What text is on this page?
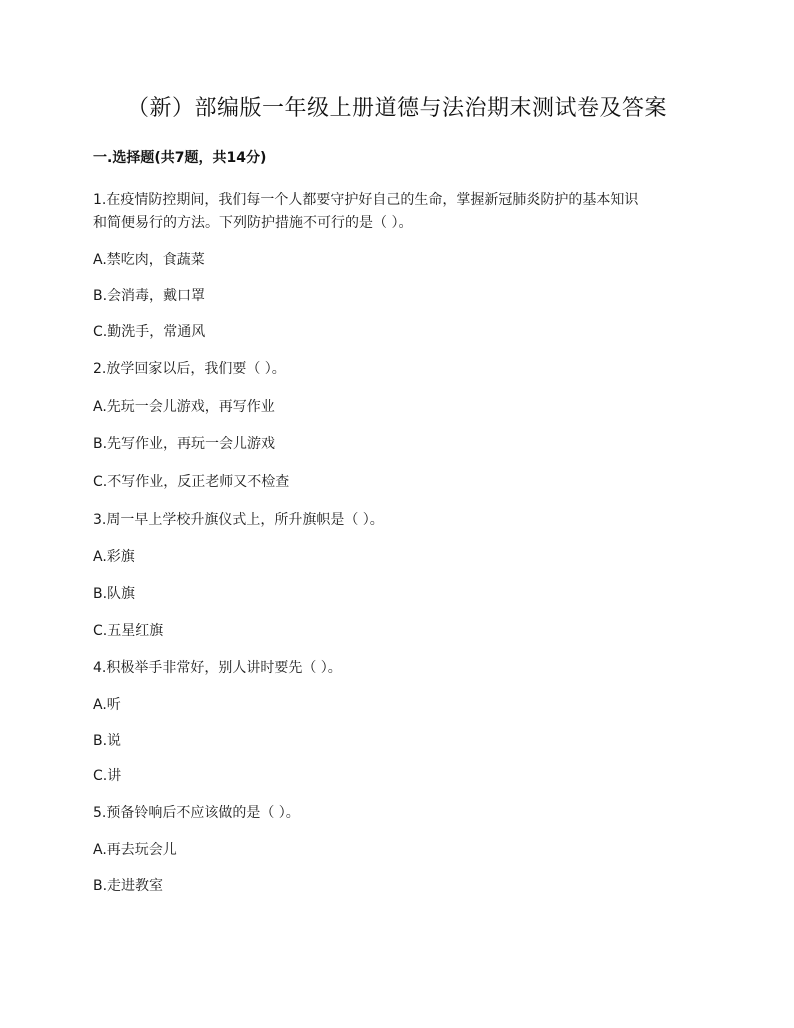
（新）部编版一年级上册道德与法治期末测试卷及答案
一.选择题(共7题，共14分)
1.在疫情防控期间，我们每一个人都要守护好自己的生命，掌握新冠肺炎防护的基本知识
和简便易行的方法。下列防护措施不可行的是（ ）。
A.禁吃肉，食蔬菜
B.会消毒，戴口罩
C.勤洗手，常通风
2.放学回家以后，我们要（ ）。
A.先玩一会儿游戏，再写作业
B.先写作业，再玩一会儿游戏
C.不写作业，反正老师又不检查
3.周一早上学校升旗仪式上，所升旗帜是（ ）。
A.彩旗
B.队旗
C.五星红旗
4.积极举手非常好，别人讲时要先（ ）。
A.听
B.说
C.讲
5.预备铃响后不应该做的是（ ）。
A.再去玩会儿
B.走进教室
